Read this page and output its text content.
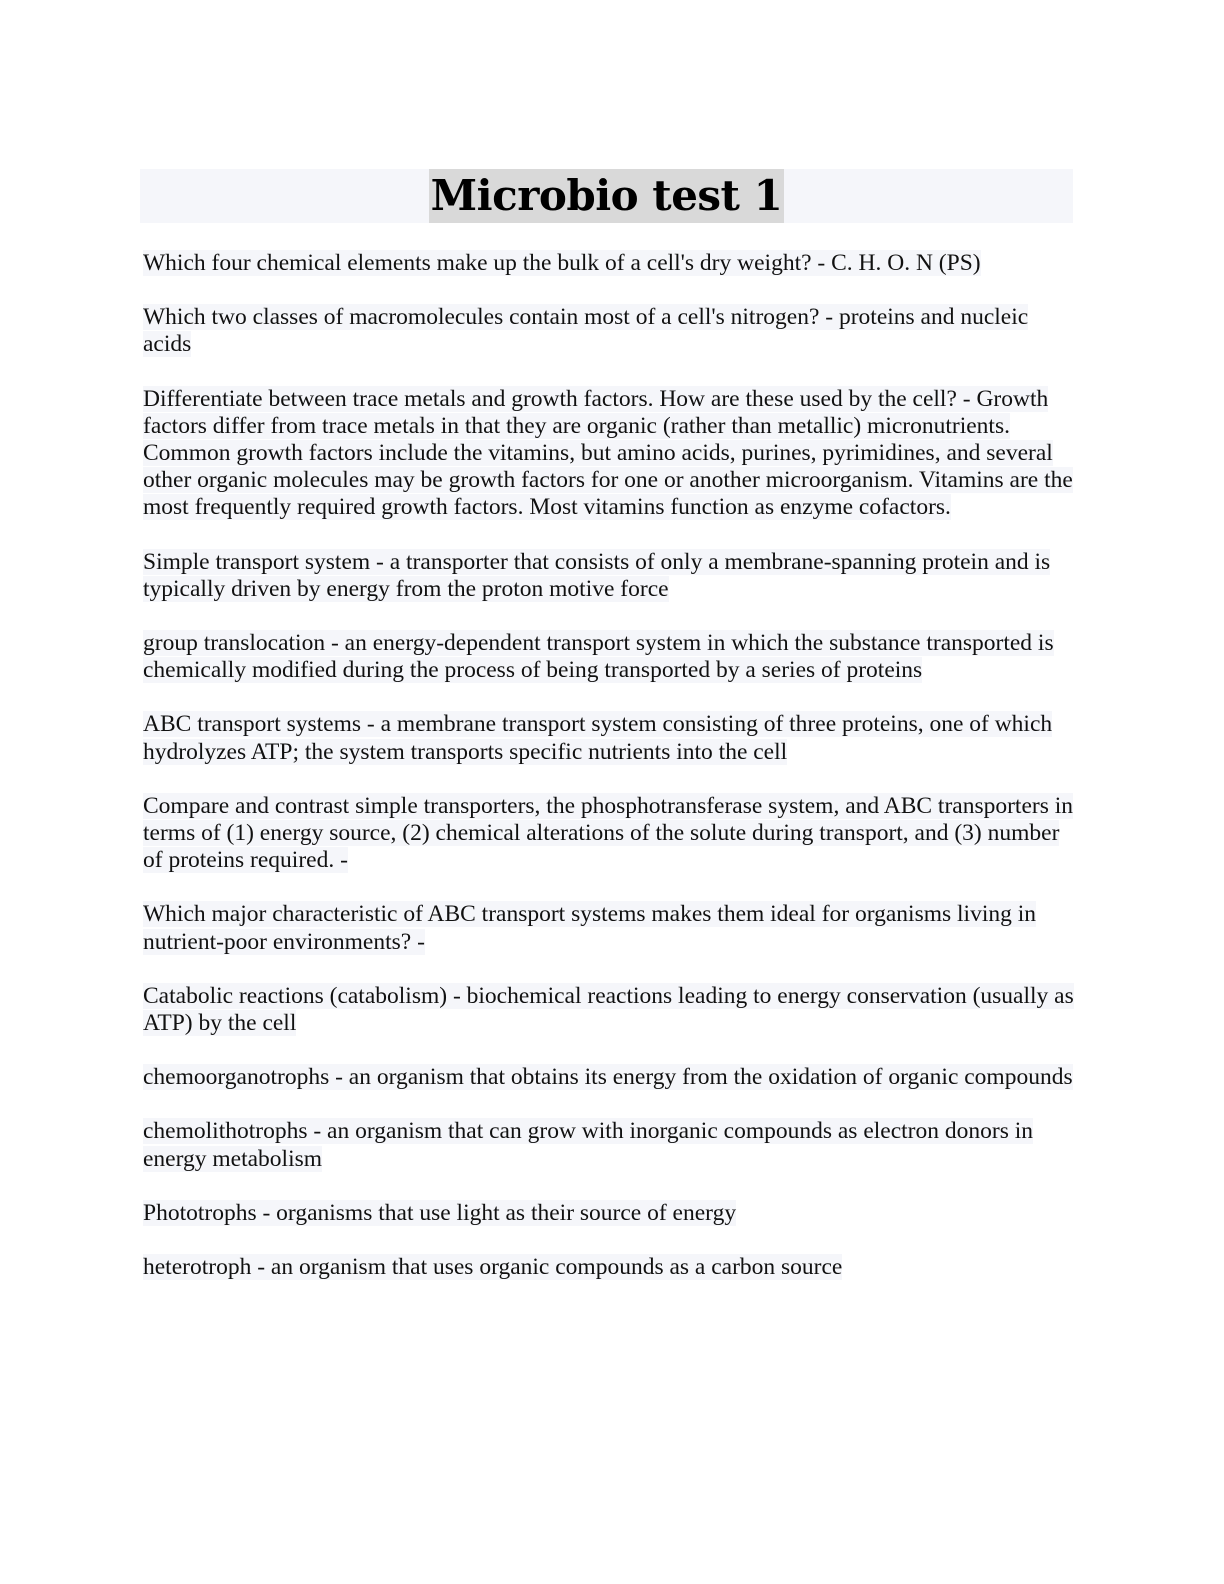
Microbio test 1

Which four chemical elements make up the bulk of a cell's dry weight? - C. H. O. N (PS)

Which two classes of macromolecules contain most of a cell's nitrogen? - proteins and nucleic acids

Differentiate between trace metals and growth factors. How are these used by the cell? - Growth factors differ from trace metals in that they are organic (rather than metallic) micronutrients. Common growth factors include the vitamins, but amino acids, purines, pyrimidines, and several other organic molecules may be growth factors for one or another microorganism. Vitamins are the most frequently required growth factors. Most vitamins function as enzyme cofactors.

Simple transport system - a transporter that consists of only a membrane-spanning protein and is typically driven by energy from the proton motive force

group translocation - an energy-dependent transport system in which the substance transported is chemically modified during the process of being transported by a series of proteins

ABC transport systems - a membrane transport system consisting of three proteins, one of which hydrolyzes ATP; the system transports specific nutrients into the cell

Compare and contrast simple transporters, the phosphotransferase system, and ABC transporters in terms of (1) energy source, (2) chemical alterations of the solute during transport, and (3) number of proteins required. -

Which major characteristic of ABC transport systems makes them ideal for organisms living in nutrient-poor environments? -

Catabolic reactions (catabolism) - biochemical reactions leading to energy conservation (usually as ATP) by the cell

chemoorganotrophs - an organism that obtains its energy from the oxidation of organic compounds

chemolithotrophs - an organism that can grow with inorganic compounds as electron donors in energy metabolism

Phototrophs - organisms that use light as their source of energy

heterotroph - an organism that uses organic compounds as a carbon source
